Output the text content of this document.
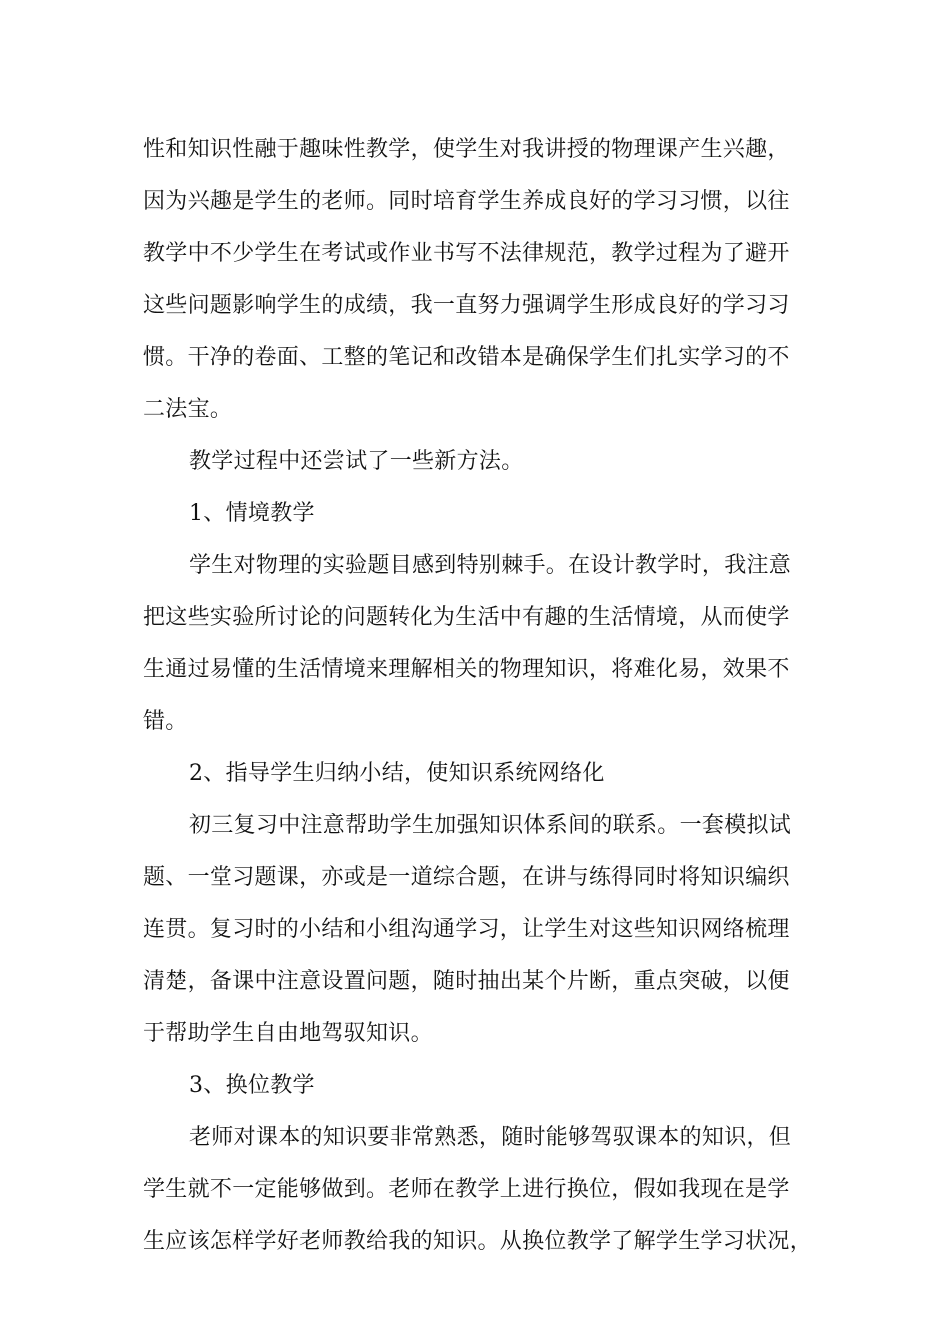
性和知识性融于趣味性教学，使学生对我讲授的物理课产生兴趣，
因为兴趣是学生的老师。同时培育学生养成良好的学习习惯，以往
教学中不少学生在考试或作业书写不法律规范，教学过程为了避开
这些问题影响学生的成绩，我一直努力强调学生形成良好的学习习
惯。干净的卷面、工整的笔记和改错本是确保学生们扎实学习的不
二法宝。
教学过程中还尝试了一些新方法。
1、情境教学
学生对物理的实验题目感到特别棘手。在设计教学时，我注意
把这些实验所讨论的问题转化为生活中有趣的生活情境，从而使学
生通过易懂的生活情境来理解相关的物理知识，将难化易，效果不
错。
2、指导学生归纳小结，使知识系统网络化
初三复习中注意帮助学生加强知识体系间的联系。一套模拟试
题、一堂习题课，亦或是一道综合题，在讲与练得同时将知识编织
连贯。复习时的小结和小组沟通学习，让学生对这些知识网络梳理
清楚，备课中注意设置问题，随时抽出某个片断，重点突破，以便
于帮助学生自由地驾驭知识。
3、换位教学
老师对课本的知识要非常熟悉，随时能够驾驭课本的知识，但
学生就不一定能够做到。老师在教学上进行换位，假如我现在是学
生应该怎样学好老师教给我的知识。从换位教学了解学生学习状况，
